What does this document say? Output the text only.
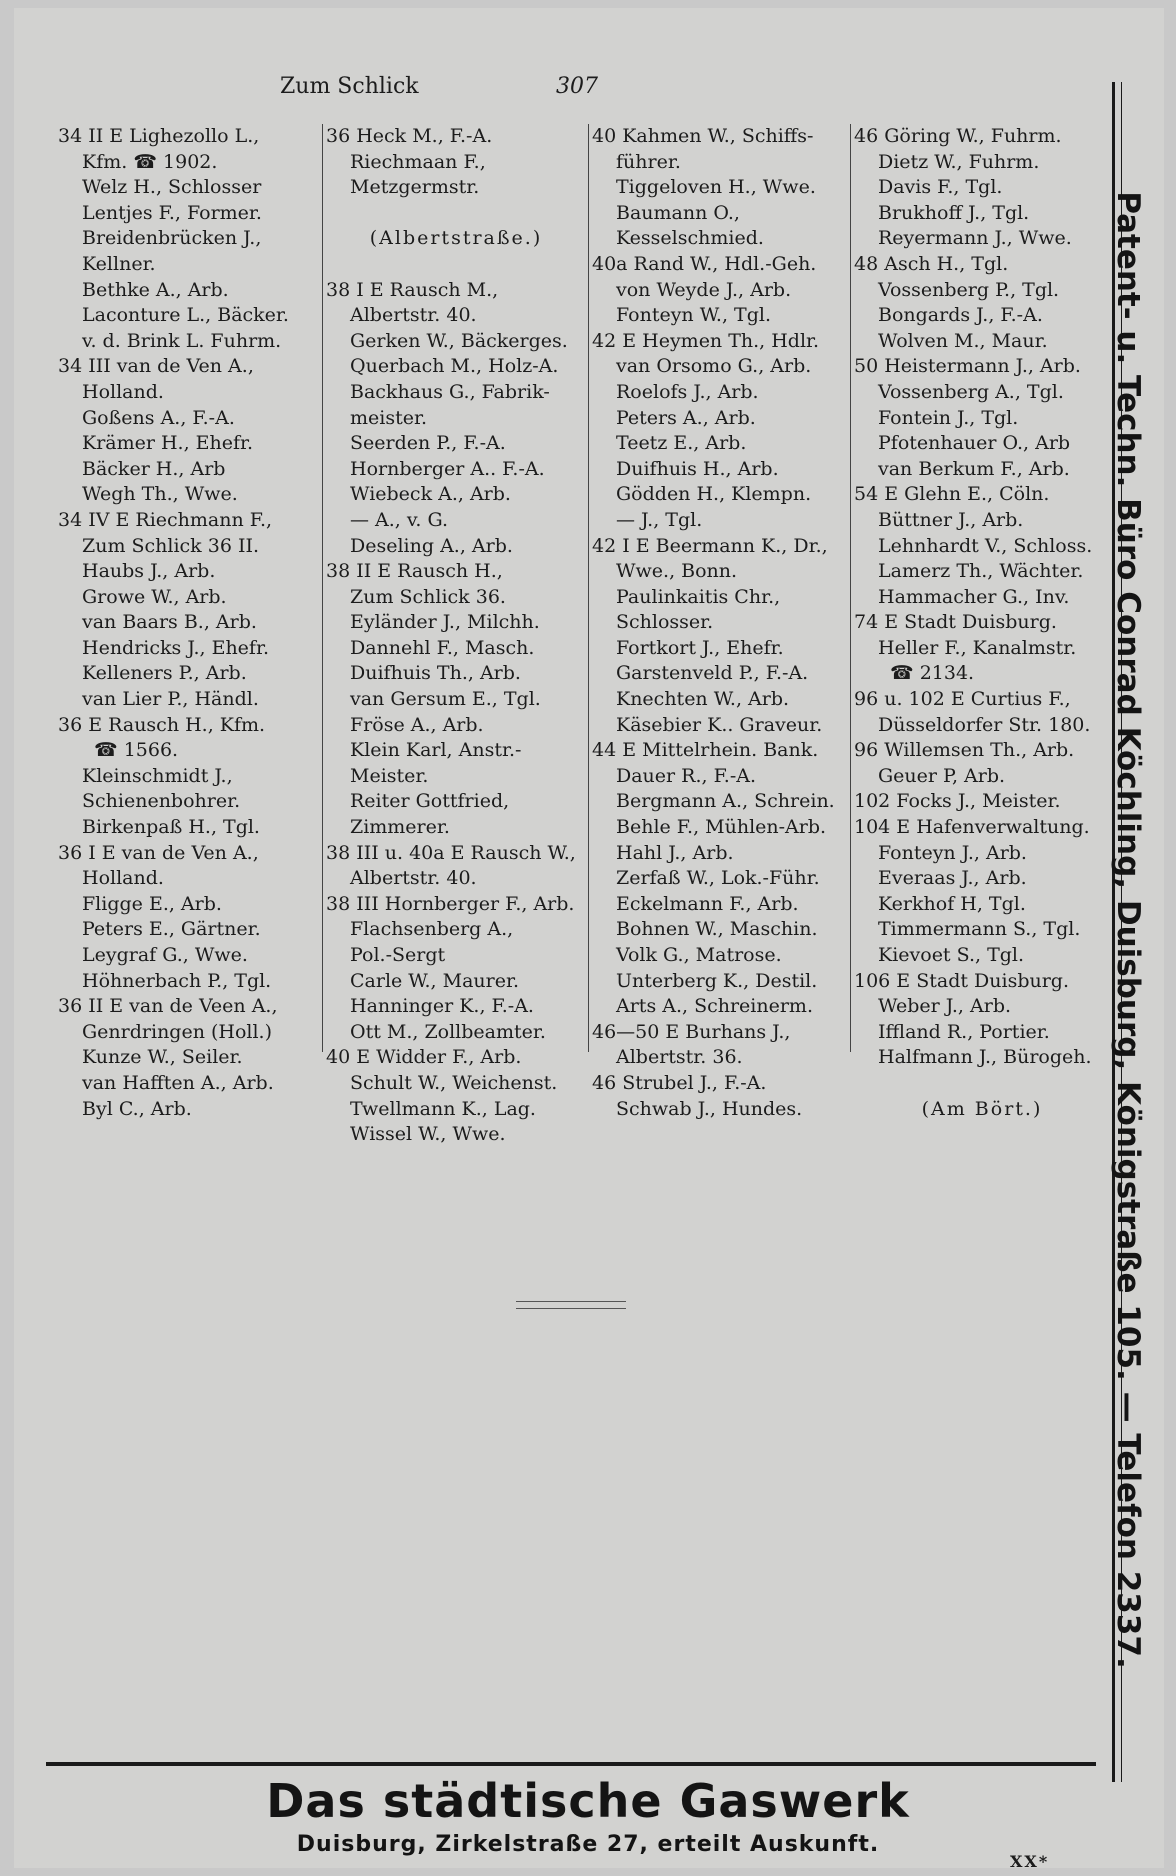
Zum Schlick	307
34 II E Lighezollo L.,
Kfm. ☎ 1902.
Welz H., Schlosser
Lentjes F., Former.
Breidenbrücken J.,
Kellner.
Bethke A., Arb.
Laconture L., Bäcker.
v. d. Brink L. Fuhrm.
34 III van de Ven A.,
Holland.
Goßens A., F.-A.
Krämer H., Ehefr.
Bäcker H., Arb
Wegh Th., Wwe.
34 IV E Riechmann F.,
Zum Schlick 36 II.
Haubs J., Arb.
Growe W., Arb.
van Baars B., Arb.
Hendricks J., Ehefr.
Kelleners P., Arb.
van Lier P., Händl.
36 E Rausch H., Kfm.
☎ 1566.
Kleinschmidt J.,
Schienenbohrer.
Birkenpaß H., Tgl.
36 I E van de Ven A.,
Holland.
Fligge E., Arb.
Peters E., Gärtner.
Leygraf G., Wwe.
Höhnerbach P., Tgl.
36 II E van de Veen A.,
Genrdringen (Holl.)
Kunze W., Seiler.
van Hafften A., Arb.
Byl C., Arb.
36 Heck M., F.-A.
Riechmaan F.,
Metzgermstr.
(Albertstraße.)
38 I E Rausch M.,
Albertstr. 40.
Gerken W., Bäckerges.
Querbach M., Holz-A.
Backhaus G., Fabrik-
meister.
Seerden P., F.-A.
Hornberger A.. F.-A.
Wiebeck A., Arb.
— A., v. G.
Deseling A., Arb.
38 II E Rausch H.,
Zum Schlick 36.
Eyländer J., Milchh.
Dannehl F., Masch.
Duifhuis Th., Arb.
van Gersum E., Tgl.
Fröse A., Arb.
Klein Karl, Anstr.-
Meister.
Reiter Gottfried,
Zimmerer.
38 III u. 40a E Rausch W.,
Albertstr. 40.
38 III Hornberger F., Arb.
Flachsenberg A.,
Pol.-Sergt
Carle W., Maurer.
Hanninger K., F.-A.
Ott M., Zollbeamter.
40 E Widder F., Arb.
Schult W., Weichenst.
Twellmann K., Lag.
Wissel W., Wwe.
40 Kahmen W., Schiffs-
führer.
Tiggeloven H., Wwe.
Baumann O.,
Kesselschmied.
40a Rand W., Hdl.-Geh.
von Weyde J., Arb.
Fonteyn W., Tgl.
42 E Heymen Th., Hdlr.
van Orsomo G., Arb.
Roelofs J., Arb.
Peters A., Arb.
Teetz E., Arb.
Duifhuis H., Arb.
Gödden H., Klempn.
— J., Tgl.
42 I E Beermann K., Dr.,
Wwe., Bonn.
Paulinkaitis Chr.,
Schlosser.
Fortkort J., Ehefr.
Garstenveld P., F.-A.
Knechten W., Arb.
Käsebier K.. Graveur.
44 E Mittelrhein. Bank.
Dauer R., F.-A.
Bergmann A., Schrein.
Behle F., Mühlen-Arb.
Hahl J., Arb.
Zerfaß W., Lok.-Führ.
Eckelmann F., Arb.
Bohnen W., Maschin.
Volk G., Matrose.
Unterberg K., Destil.
Arts A., Schreinerm.
46—50 E Burhans J.,
Albertstr. 36.
46 Strubel J., F.-A.
Schwab J., Hundes.
46 Göring W., Fuhrm.
Dietz W., Fuhrm.
Davis F., Tgl.
Brukhoff J., Tgl.
Reyermann J., Wwe.
48 Asch H., Tgl.
Vossenberg P., Tgl.
Bongards J., F.-A.
Wolven M., Maur.
50 Heistermann J., Arb.
Vossenberg A., Tgl.
Fontein J., Tgl.
Pfotenhauer O., Arb
van Berkum F., Arb.
54 E Glehn E., Cöln.
Büttner J., Arb.
Lehnhardt V., Schloss.
Lamerz Th., Wächter.
Hammacher G., Inv.
74 E Stadt Duisburg.
Heller F., Kanalmstr.
☎ 2134.
96 u. 102 E Curtius F.,
Düsseldorfer Str. 180.
96 Willemsen Th., Arb.
Geuer P, Arb.
102 Focks J., Meister.
104 E Hafenverwaltung.
Fonteyn J., Arb.
Everaas J., Arb.
Kerkhof H, Tgl.
Timmermann S., Tgl.
Kievoet S., Tgl.
106 E Stadt Duisburg.
Weber J., Arb.
Iffland R., Portier.
Halfmann J., Bürogeh.
(Am Bört.)	Patent- u. Techn. Büro Conrad Köchling, Duisburg, Königstraße 105. — Telefon 2337.
Das städtische Gaswerk
Duisburg, Zirkelstraße 27, erteilt Auskunft.
XX*
